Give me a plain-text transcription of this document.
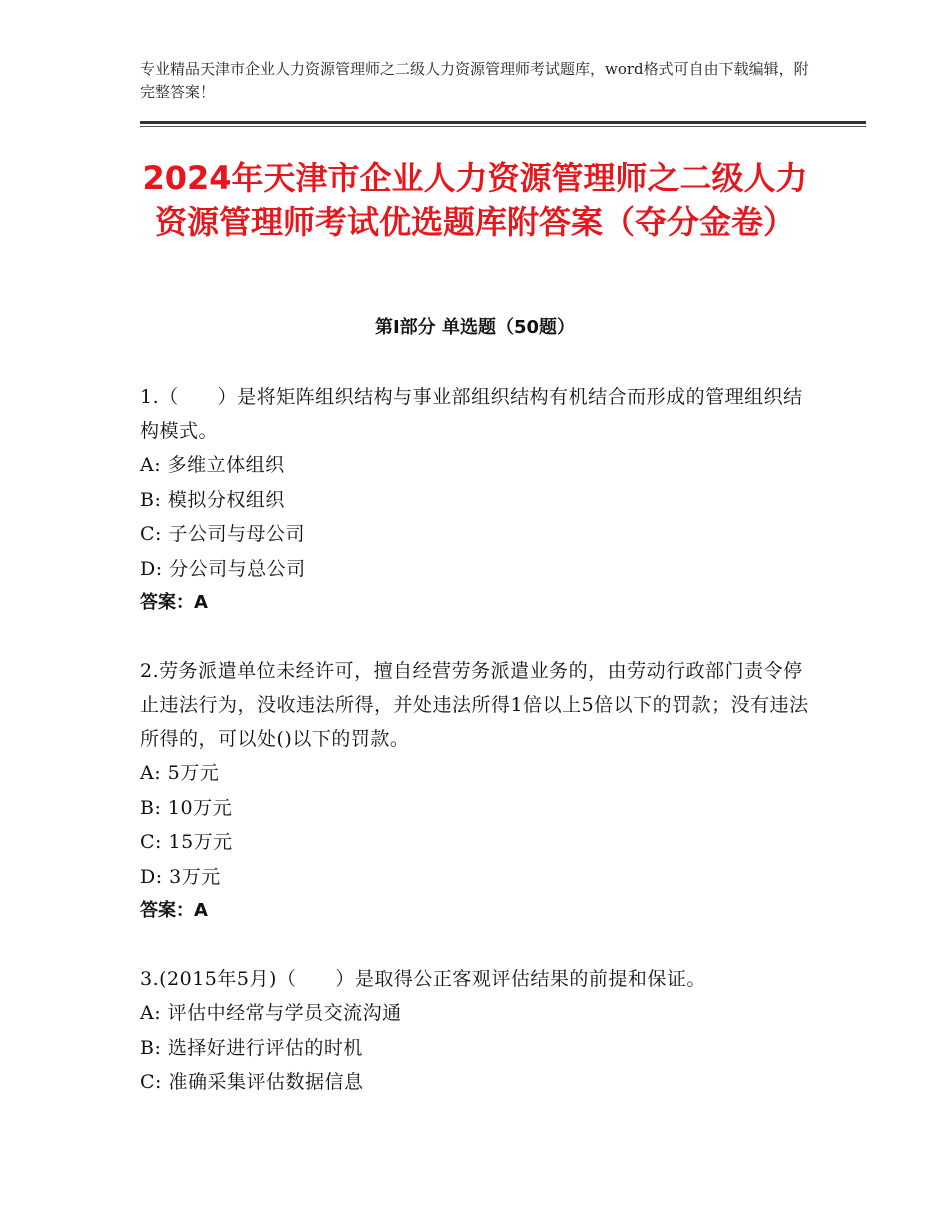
专业精品天津市企业人力资源管理师之二级人力资源管理师考试题库，word格式可自由下载编辑，附完整答案！
2024年天津市企业人力资源管理师之二级人力资源管理师考试优选题库附答案（夺分金卷）
第Ⅰ部分 单选题（50题）
1.（　　）是将矩阵组织结构与事业部组织结构有机结合而形成的管理组织结构模式。
A: 多维立体组织
B: 模拟分权组织
C: 子公司与母公司
D: 分公司与总公司
答案：A
2.劳务派遣单位未经许可，擅自经营劳务派遣业务的，由劳动行政部门责令停止违法行为，没收违法所得，并处违法所得1倍以上5倍以下的罚款；没有违法所得的，可以处()以下的罚款。
A: 5万元
B: 10万元
C: 15万元
D: 3万元
答案：A
3.(2015年5月)（　　）是取得公正客观评估结果的前提和保证。
A: 评估中经常与学员交流沟通
B: 选择好进行评估的时机
C: 准确采集评估数据信息
